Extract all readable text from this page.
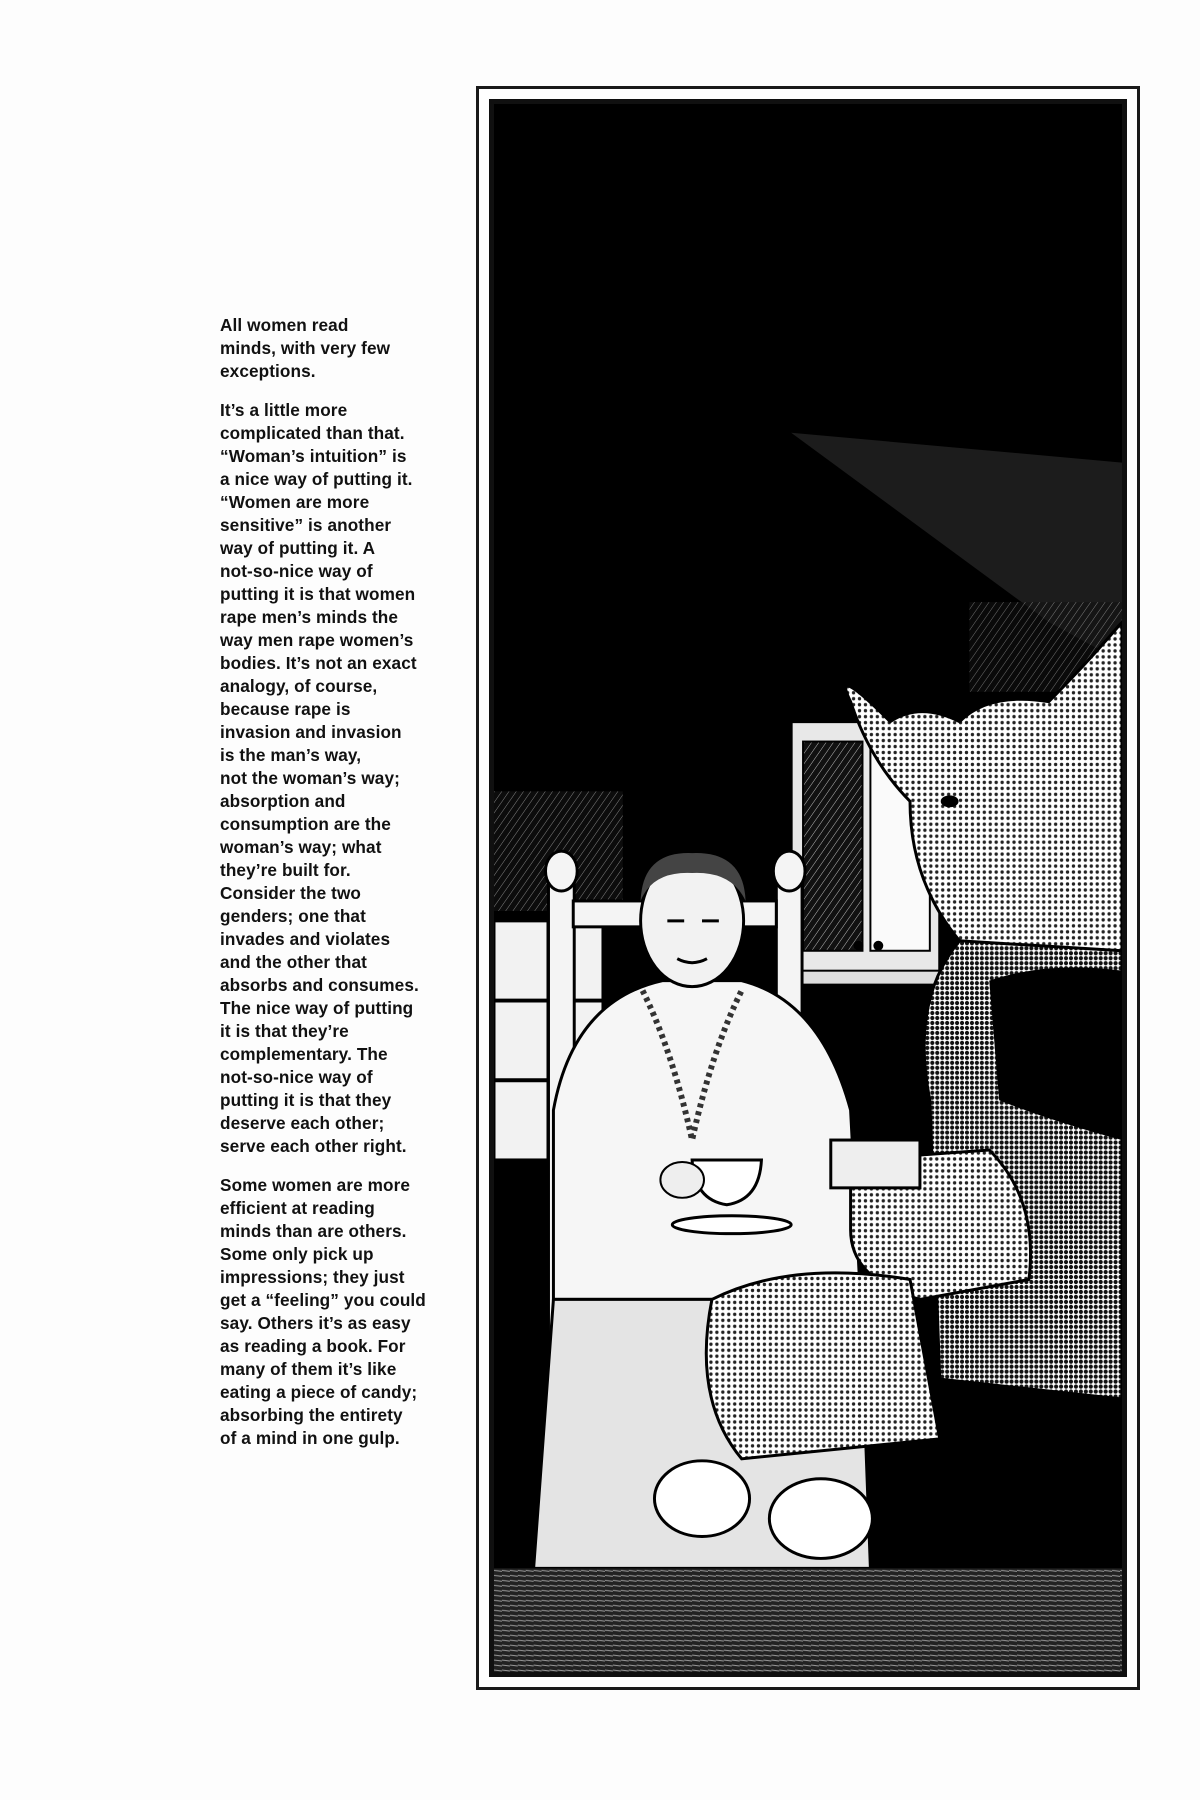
All women read
minds, with very few
exceptions.

It’s a little more
complicated than that.
“Woman’s intuition” is
a nice way of putting it.
“Women are more
sensitive” is another
way of putting it. A
not-so-nice way of
putting it is that women
rape men’s minds the
way men rape women’s
bodies. It’s not an exact
analogy, of course,
because rape is
invasion and invasion
is the man’s way,
not the woman’s way;
absorption and
consumption are the
woman’s way; what
they’re built for.
Consider the two
genders; one that
invades and violates
and the other that
absorbs and consumes.
The nice way of putting
it is that they’re
complementary. The
not-so-nice way of
putting it is that they
deserve each other;
serve each other right.

Some women are more
efficient at reading
minds than are others.
Some only pick up
impressions; they just
get a “feeling” you could
say. Others it’s as easy
as reading a book. For
many of them it’s like
eating a piece of candy;
absorbing the entirety
of a mind in one gulp.
